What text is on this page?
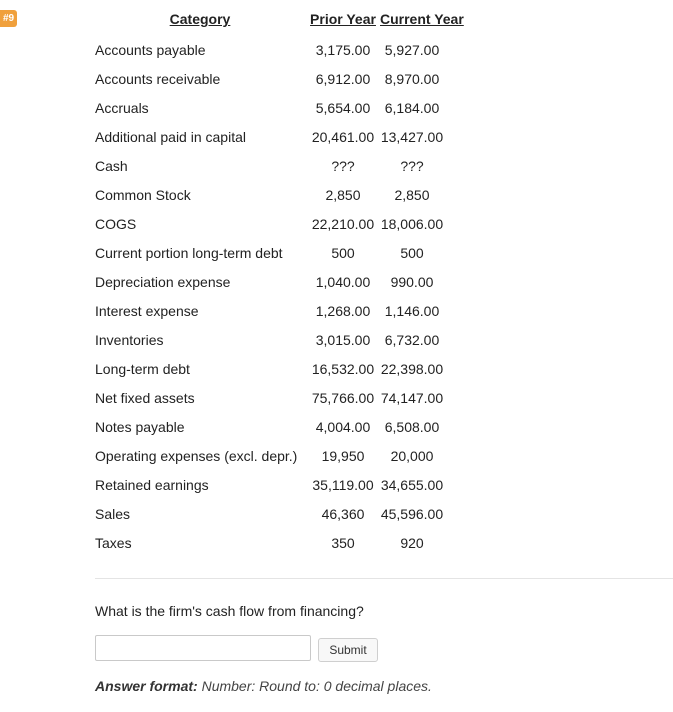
#9	Category	Prior Year	Current Year
Accounts payable	3,175.00	5,927.00
Accounts receivable	6,912.00	8,970.00
Accruals	5,654.00	6,184.00
Additional paid in capital	20,461.00	13,427.00
Cash	???	???
Common Stock	2,850	2,850
COGS	22,210.00	18,006.00
Current portion long-term debt	500	500
Depreciation expense	1,040.00	990.00
Interest expense	1,268.00	1,146.00
Inventories	3,015.00	6,732.00
Long-term debt	16,532.00	22,398.00
Net fixed assets	75,766.00	74,147.00
Notes payable	4,004.00	6,508.00
Operating expenses (excl. depr.)	19,950	20,000
Retained earnings	35,119.00	34,655.00
Sales	46,360	45,596.00
Taxes	350	920
What is the firm's cash flow from financing?
Submit
Answer format: Number: Round to: 0 decimal places.
